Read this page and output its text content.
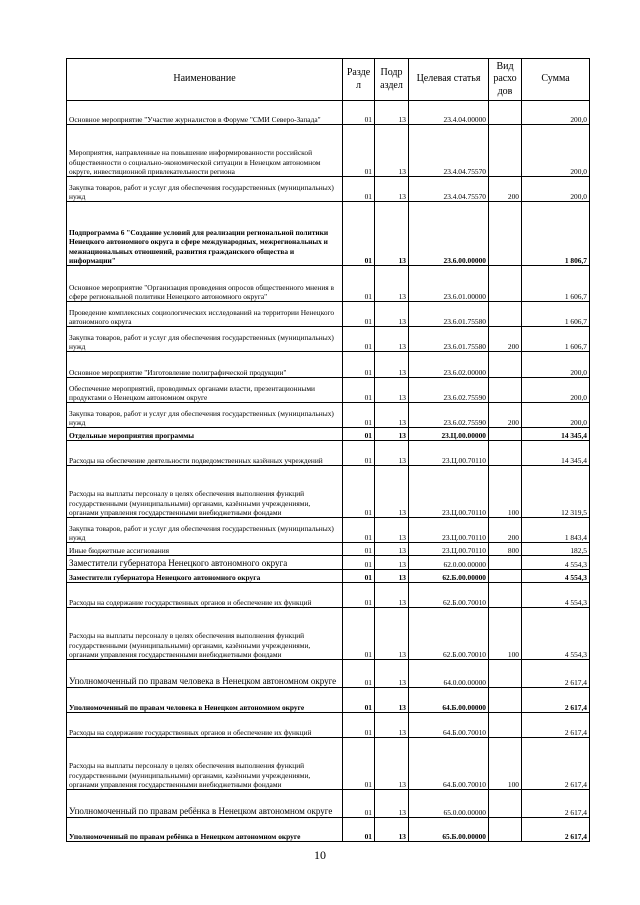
Наименование	Разде л	Подр аздел	Целевая статья	Вид расхо дов	Сумма
Основное мероприятие "Участие журналистов в Форуме "СМИ Северо-Запада"	01	13	23.4.04.00000		200,0
Мероприятия, направленные на повышение информированности российской общественности о социально-экономической ситуации в Ненецком автономном округе, инвестиционной привлекательности региона	01	13	23.4.04.75570		200,0
Закупка товаров, работ и услуг для обеспечения государственных (муниципальных) нужд	01	13	23.4.04.75570	200	200,0
Подпрограмма 6 "Создание условий для реализации региональной политики Ненецкого автономного округа в сфере международных, межрегиональных и межнациональных отношений, развития гражданского общества и информации"	01	13	23.6.00.00000		1 806,7
Основное мероприятие "Организация проведения опросов общественного мнения в сфере региональной политики Ненецкого автономного округа"	01	13	23.6.01.00000		1 606,7
Проведение комплексных социологических исследований на территории Ненецкого автономного округа	01	13	23.6.01.75580		1 606,7
Закупка товаров, работ и услуг для обеспечения государственных (муниципальных) нужд	01	13	23.6.01.75580	200	1 606,7
Основное мероприятие "Изготовление полиграфической продукции"	01	13	23.6.02.00000		200,0
Обеспечение мероприятий, проводимых органами власти, презентационными продуктами о Ненецком автономном округе	01	13	23.6.02.75590		200,0
Закупка товаров, работ и услуг для обеспечения государственных (муниципальных) нужд	01	13	23.6.02.75590	200	200,0
Отдельные мероприятия программы	01	13	23.Ц.00.00000		14 345,4
Расходы на обеспечение деятельности подведомственных казённых учреждений	01	13	23.Ц.00.70110		14 345,4
Расходы на выплаты персоналу в целях обеспечения выполнения функций государственными (муниципальными) органами, казёнными учреждениями, органами управления государственными внебюджетными фондами	01	13	23.Ц.00.70110	100	12 319,5
Закупка товаров, работ и услуг для обеспечения государственных (муниципальных) нужд	01	13	23.Ц.00.70110	200	1 843,4
Иные бюджетные ассигнования	01	13	23.Ц.00.70110	800	182,5
Заместители губернатора Ненецкого автономного округа	01	13	62.0.00.00000		4 554,3
Заместители губернатора Ненецкого автономного округа	01	13	62.Б.00.00000		4 554,3
Расходы на содержание государственных органов и обеспечение их функций	01	13	62.Б.00.70010		4 554,3
Расходы на выплаты персоналу в целях обеспечения выполнения функций государственными (муниципальными) органами, казёнными учреждениями, органами управления государственными внебюджетными фондами	01	13	62.Б.00.70010	100	4 554,3
Уполномоченный по правам человека в Ненецком автономном округе	01	13	64.0.00.00000		2 617,4
Уполномоченный по правам человека в Ненецком автономном округе	01	13	64.Б.00.00000		2 617,4
Расходы на содержание государственных органов и обеспечение их функций	01	13	64.Б.00.70010		2 617,4
Расходы на выплаты персоналу в целях обеспечения выполнения функций государственными (муниципальными) органами, казёнными учреждениями, органами управления государственными внебюджетными фондами	01	13	64.Б.00.70010	100	2 617,4
Уполномоченный по правам ребёнка в Ненецком автономном округе	01	13	65.0.00.00000		2 617,4
Уполномоченный по правам ребёнка в Ненецком автономном округе	01	13	65.Б.00.00000		2 617,4
10
